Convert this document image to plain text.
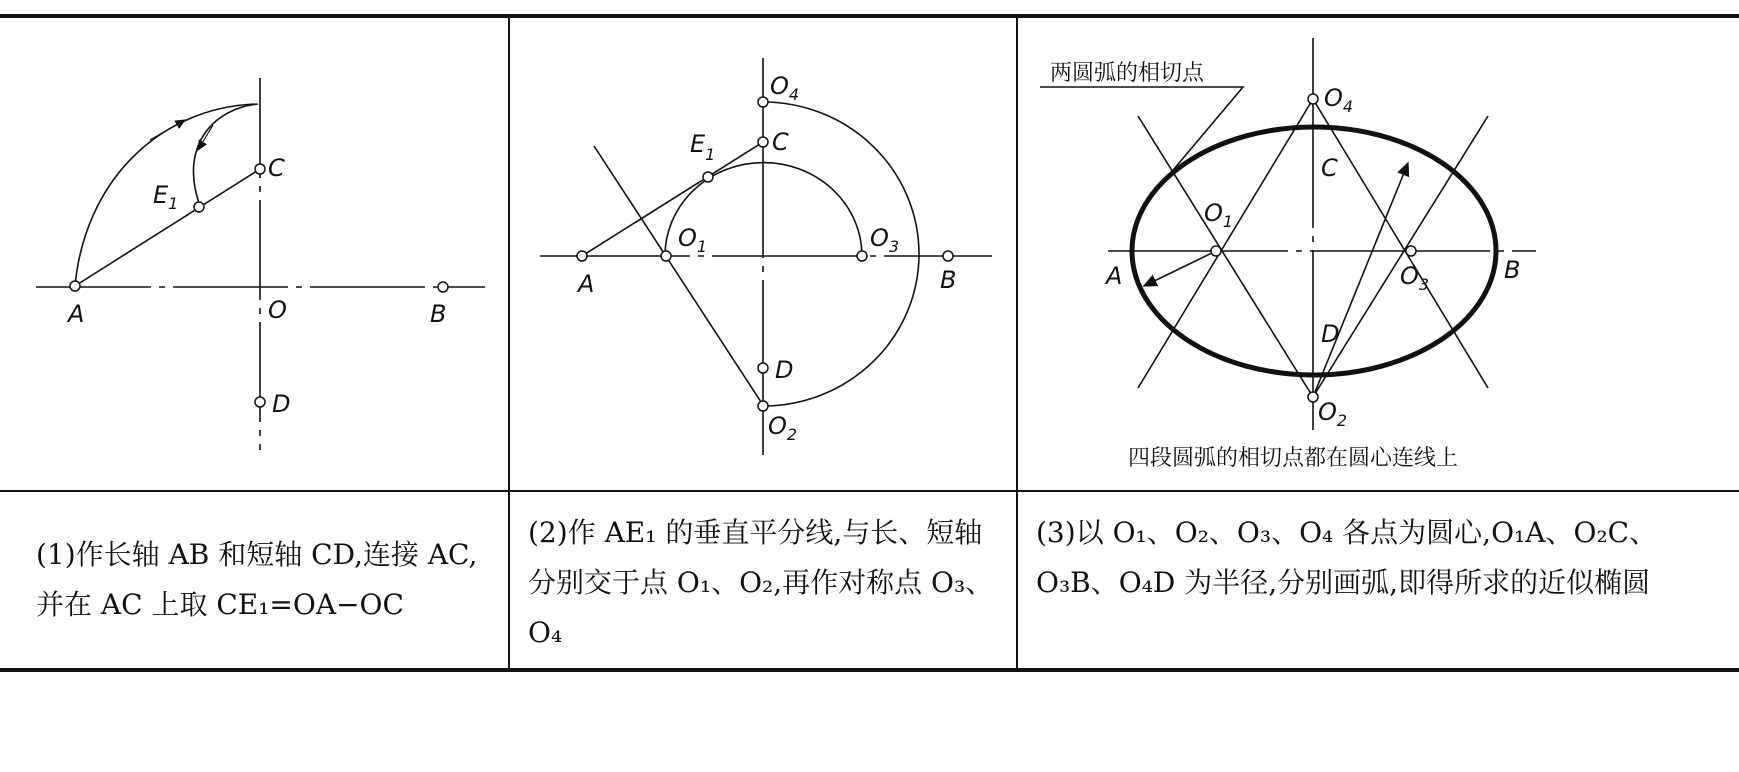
A
C
O	B
D
$E_1$
A	B
C
D
$E_1$
$O_4$
$O_1$	$O_3$
$O_2$
两圆弧的相切点
四段圆弧的相切点都在圆心连线上
A	B
C
D
$O_4$
$O_1$
$O_3$
$O_2$
(1)作长轴 AB 和短轴 CD,连接 AC,并在 AC 上取 CE₁=OA−OC
(2)作 AE₁ 的垂直平分线,与长、短轴分别交于点 O₁、O₂,再作对称点 O₃、O₄
(3)以 O₁、O₂、O₃、O₄ 各点为圆心,O₁A、O₂C、O₃B、O₄D 为半径,分别画弧,即得所求的近似椭圆
